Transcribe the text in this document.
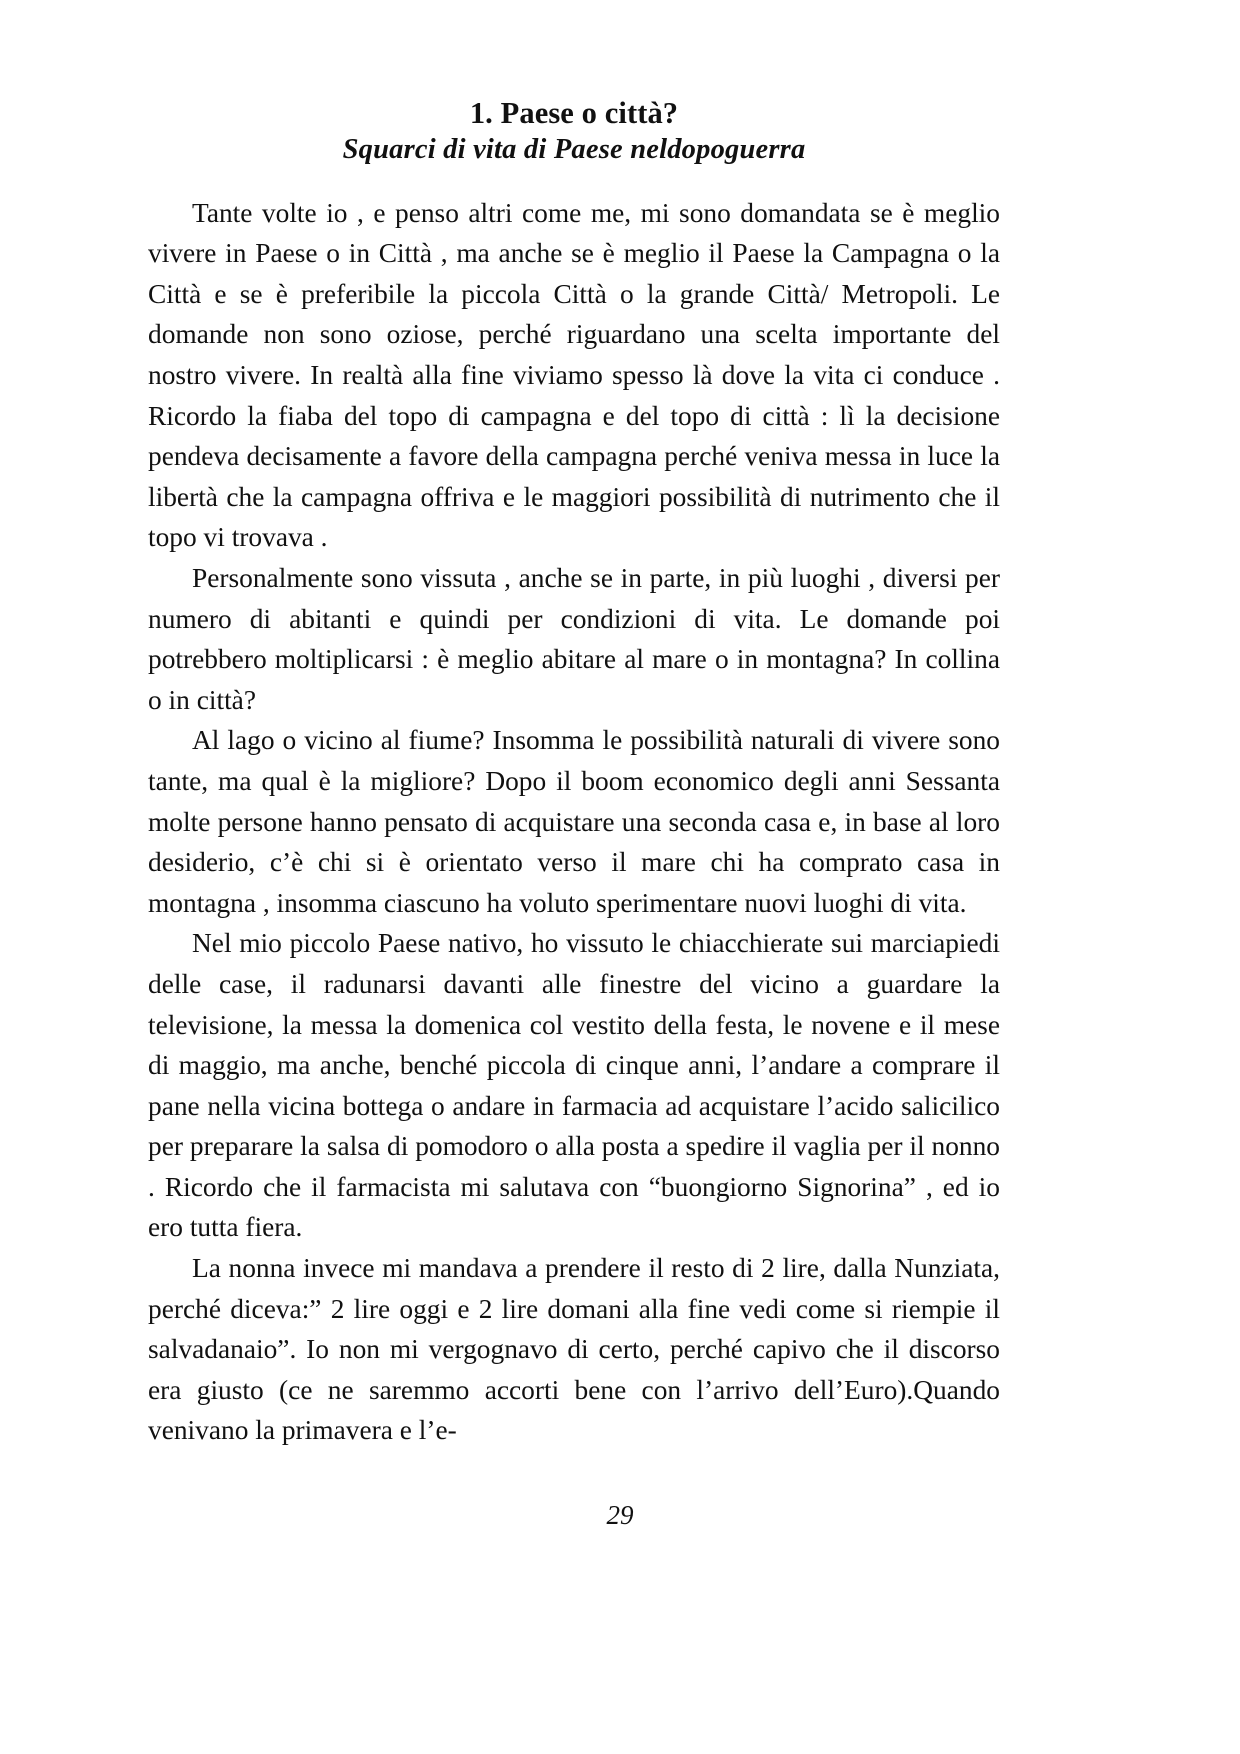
1. Paese o città?
Squarci di vita di Paese neldopoguerra

Tante volte io , e penso altri come me, mi sono domandata se è meglio vivere in Paese o in Città , ma anche se è meglio il Paese la Campagna o la Città e se è preferibile la piccola Città o la grande Città/ Metropoli. Le domande non sono oziose, perché riguardano una scelta importante del nostro vivere. In realtà alla fine viviamo spesso là dove la vita ci conduce . Ricordo la fiaba del topo di campagna e del topo di città : lì la decisione pendeva decisamente a favore della campagna perché veniva messa in luce la libertà che la campagna offriva e le maggiori possibilità di nutrimento che il topo vi trovava .

Personalmente sono vissuta , anche se in parte, in più luoghi , diversi per numero di abitanti e quindi per condizioni di vita. Le domande poi potrebbero moltiplicarsi : è meglio abitare al mare o in montagna? In collina o in città?

Al lago o vicino al fiume? Insomma le possibilità naturali di vivere sono tante, ma qual è la migliore? Dopo il boom economico degli anni Sessanta molte persone hanno pensato di acquistare una seconda casa e, in base al loro desiderio, c’è chi si è orientato verso il mare chi ha comprato casa in montagna , insomma ciascuno ha voluto sperimentare nuovi luoghi di vita.

Nel mio piccolo Paese nativo, ho vissuto le chiacchierate sui marciapiedi delle case, il radunarsi davanti alle finestre del vicino a guardare la televisione, la messa la domenica col vestito della festa, le novene e il mese di maggio, ma anche, benché piccola di cinque anni, l’andare a comprare il pane nella vicina bottega o andare in farmacia ad acquistare l’acido salicilico per preparare la salsa di pomodoro o alla posta a spedire il vaglia per il nonno . Ricordo che il farmacista mi salutava con “buongiorno Signorina” , ed io ero tutta fiera.

La nonna invece mi mandava a prendere il resto di 2 lire, dalla Nunziata, perché diceva:” 2 lire oggi e 2 lire domani alla fine vedi come si riempie il salvadanaio”. Io non mi vergognavo di certo, perché capivo che il discorso era giusto (ce ne saremmo accorti bene con l’arrivo dell’Euro).Quando venivano la primavera e l’e-

29
